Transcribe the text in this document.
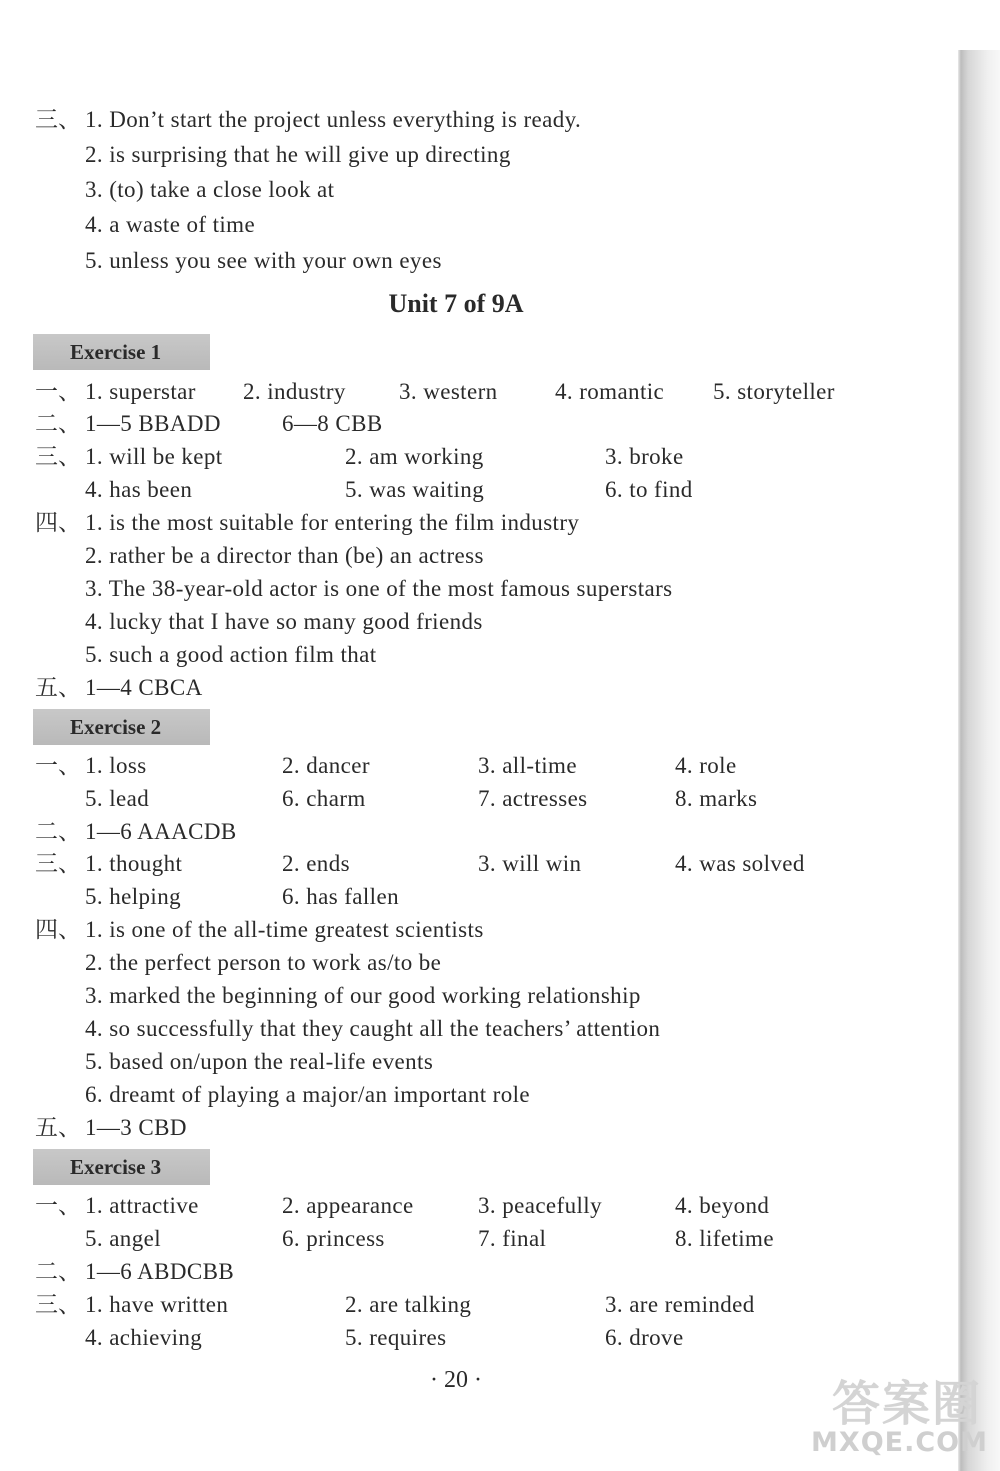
三、 1. Don’t start the project unless everything is ready.
2. is surprising that he will give up directing
3. (to) take a close look at
4. a waste of time
5. unless you see with your own eyes
Unit 7 of 9A
Exercise 1
一、 1. superstar 2. industry 3. western 4. romantic 5. storyteller
二、 1—5 BBADD	6—8 CBB
三、 1. will be kept	2. am working	3. broke
4. has been	5. was waiting	6. to find
四、 1. is the most suitable for entering the film industry
2. rather be a director than (be) an actress
3. The 38-year-old actor is one of the most famous superstars
4. lucky that I have so many good friends
5. such a good action film that
五、 1—4 CBCA
Exercise 2
一、 1. loss	2. dancer	3. all-time	4. role
5. lead	6. charm	7. actresses	8. marks
二、 1—6 AAACDB
三、 1. thought	2. ends	3. will win	4. was solved
5. helping	6. has fallen
四、 1. is one of the all-time greatest scientists
2. the perfect person to work as/to be
3. marked the beginning of our good working relationship
4. so successfully that they caught all the teachers’ attention
5. based on/upon the real-life events
6. dreamt of playing a major/an important role
五、 1—3 CBD
Exercise 3
一、 1. attractive	2. appearance	3. peacefully	4. beyond
5. angel	6. princess	7. final	8. lifetime
二、 1—6 ABDCBB
三、 1. have written	2. are talking	3. are reminded
4. achieving	5. requires	6. drove
· 20 ·	答案圈
MXQE.COM
